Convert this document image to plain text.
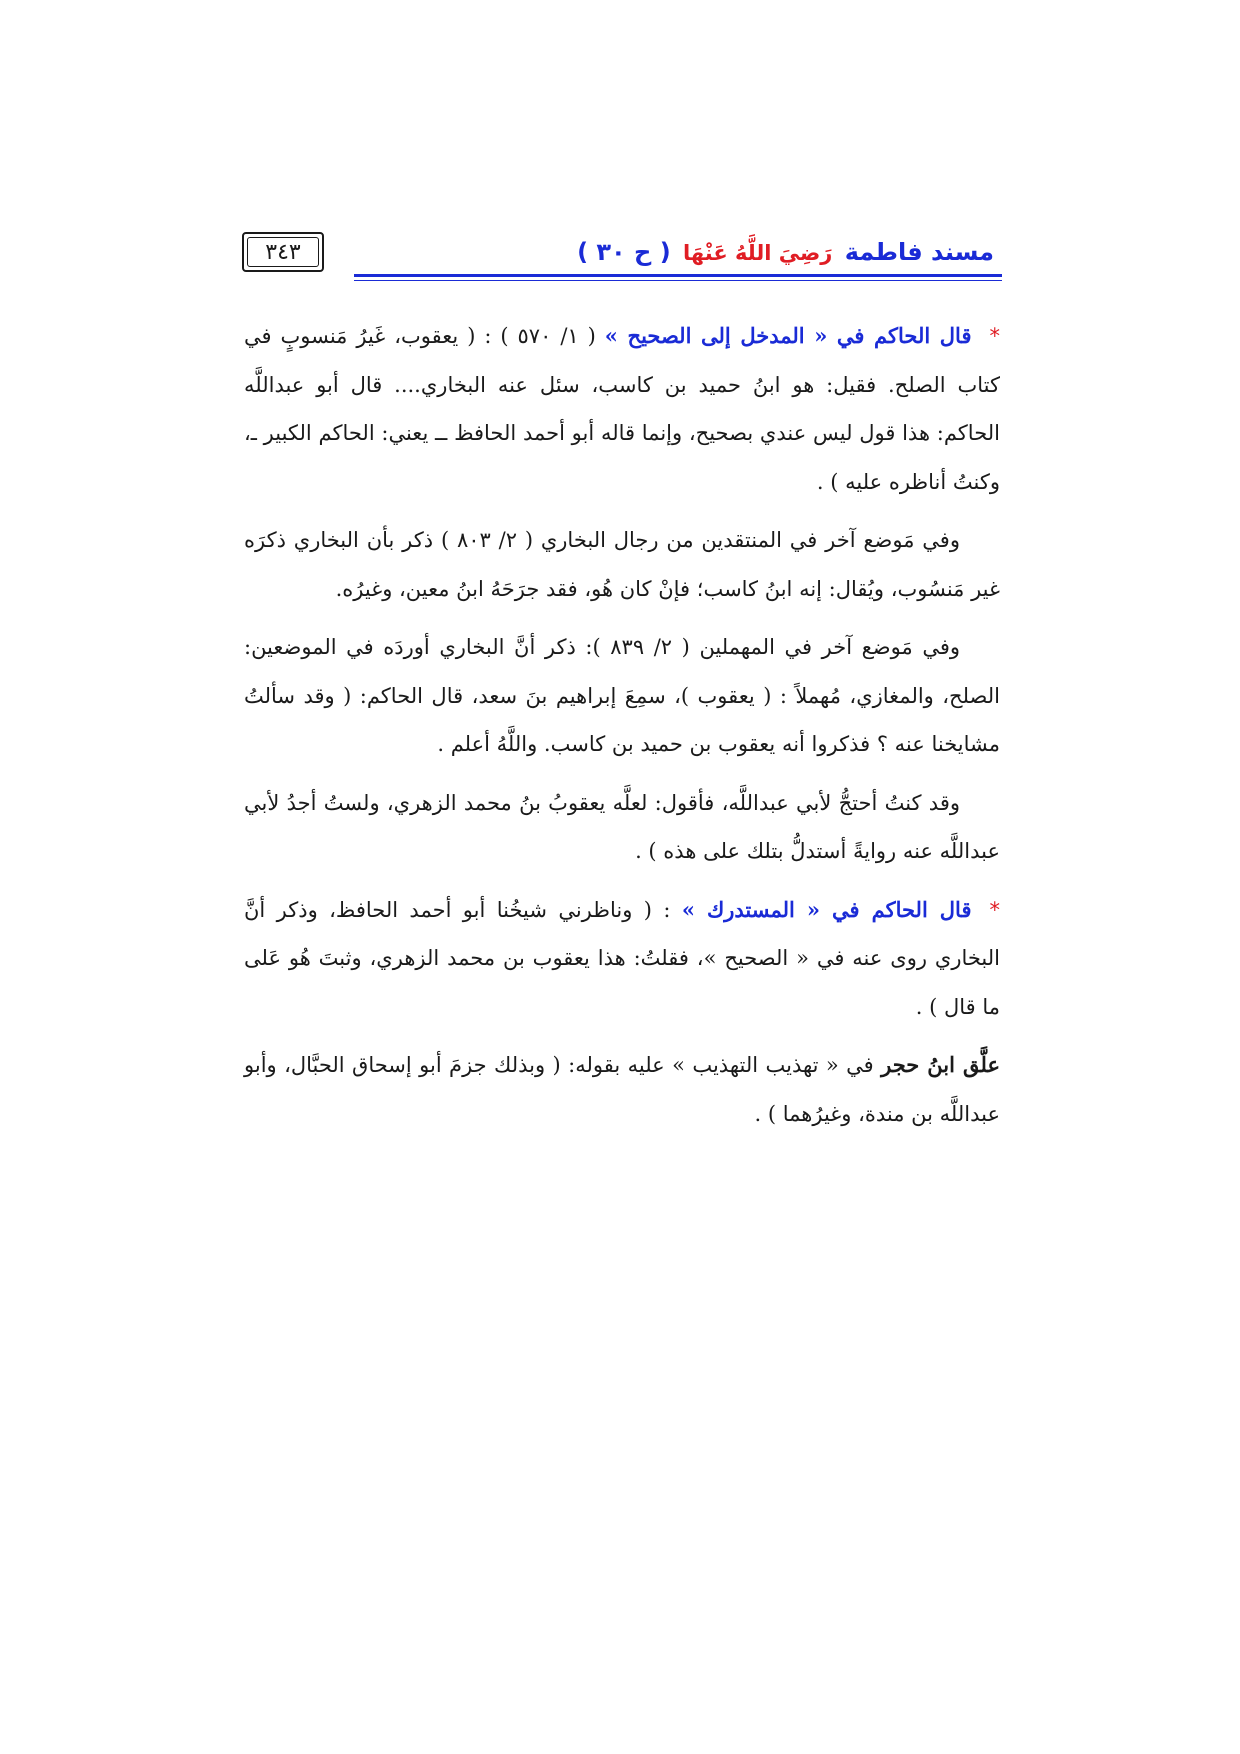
مسند فاطمة رَضِيَ اللَّهُ عَنْهَا ( ح ٣٠ )
٣٤٣

*قال الحاكم في « المدخل إلى الصحيح » ( ١/ ٥٧٠ ) : ( يعقوب، غَيرُ مَنسوبٍ في كتاب الصلح. فقيل: هو ابنُ حميد بن كاسب، سئل عنه البخاري.... قال أبو عبداللَّه الحاكم: هذا قول ليس عندي بصحيح، وإنما قاله أبو أحمد الحافظ ــ يعني: الحاكم الكبير ـ، وكنتُ أناظره عليه ) .

وفي مَوضع آخر في المنتقدين من رجال البخاري ( ٢/ ٨٠٣ ) ذكر بأن البخاري ذكرَه غير مَنسُوب، ويُقال: إنه ابنُ كاسب؛ فإنْ كان هُو، فقد جرَحَهُ ابنُ معين، وغيرُه.

وفي مَوضع آخر في المهملين ( ٢/ ٨٣٩ ): ذكر أنَّ البخاري أوردَه في الموضعين: الصلح، والمغازي، مُهملاً : ( يعقوب )، سمِعَ إبراهيم بنَ سعد، قال الحاكم: ( وقد سألتُ مشايخنا عنه ؟ فذكروا أنه يعقوب بن حميد بن كاسب. واللَّهُ أعلم .

وقد كنتُ أحتجُّ لأبي عبداللَّه، فأقول: لعلَّه يعقوبُ بنُ محمد الزهري، ولستُ أجدُ لأبي عبداللَّه عنه روايةً أستدلُّ بتلك على هذه ) .

*قال الحاكم في « المستدرك » : ( وناظرني شيخُنا أبو أحمد الحافظ، وذكر أنَّ البخاري روى عنه في « الصحيح »، فقلتُ: هذا يعقوب بن محمد الزهري، وثبتَ هُو عَلى ما قال ) .

علَّق ابنُ حجر في « تهذيب التهذيب » عليه بقوله: ( وبذلك جزمَ أبو إسحاق الحبَّال، وأبو عبداللَّه بن مندة، وغيرُهما ) .
